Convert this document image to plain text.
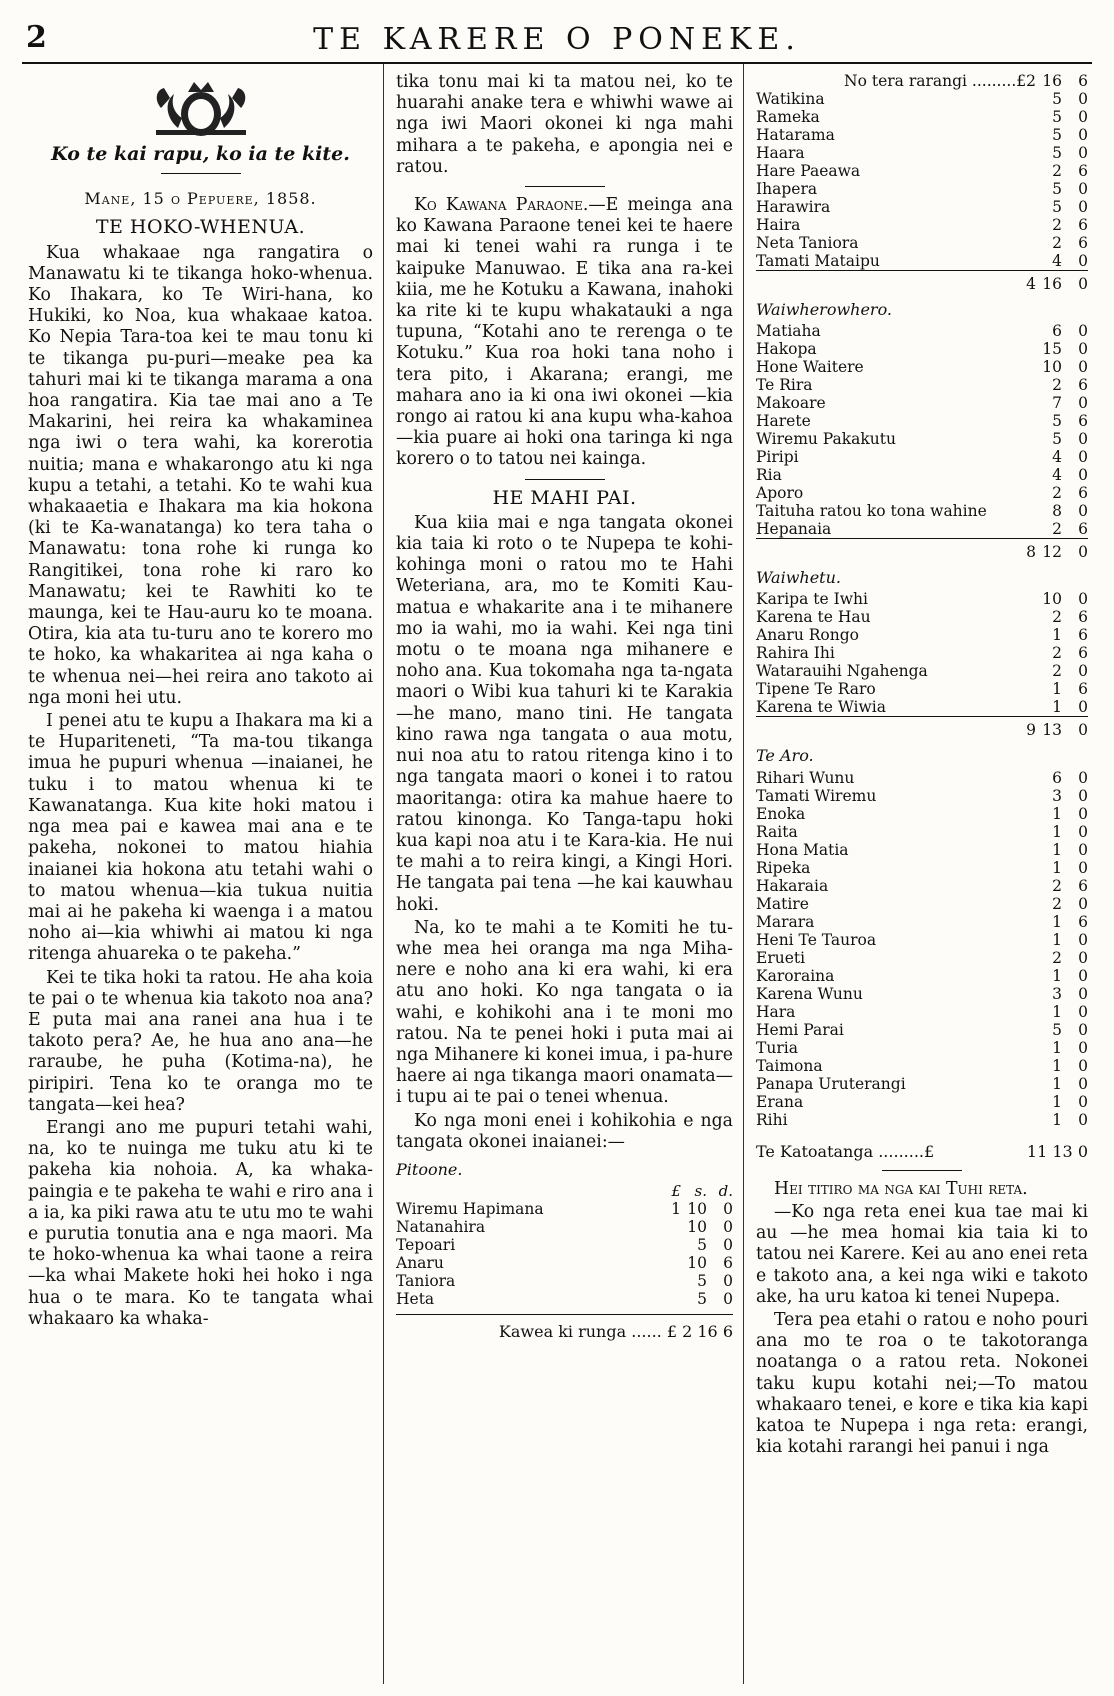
2	TE KARERE O PONEKE.
Ko te kai rapu, ko ia te kite.
Mane, 15 o Pepuere, 1858.
TE HOKO-WHENUA.

Kua whakaae nga rangatira o Manawatu ki te tikanga hoko-whenua. Ko Ihakara, ko Te Wiri-hana, ko Hukiki, ko Noa, kua whakaae katoa. Ko Nepia Tara-toa kei te mau tonu ki te tikanga pu-puri—meake pea ka tahuri mai ki te tikanga marama a ona hoa rangatira. Kia tae mai ano a Te Makarini, hei reira ka whakaminea nga iwi o tera wahi, ka korerotia nuitia; mana e whakarongo atu ki nga kupu a tetahi, a tetahi. Ko te wahi kua whakaaetia e Ihakara ma kia hokona (ki te Ka-wanatanga) ko tera taha o Manawatu: tona rohe ki runga ko Rangitikei, tona rohe ki raro ko Manawatu; kei te Rawhiti ko te maunga, kei te Hau-auru ko te moana. Otira, kia ata tu-turu ano te korero mo te hoko, ka whakaritea ai nga kaha o te whenua nei—hei reira ano takoto ai nga moni hei utu.

I penei atu te kupu a Ihakara ma ki a te Hupariteneti, “Ta ma-tou tikanga imua he pupuri whenua —inaianei, he tuku i to matou whenua ki te Kawanatanga. Kua kite hoki matou i nga mea pai e kawea mai ana e te pakeha, nokonei to matou hiahia inaianei kia hokona atu tetahi wahi o to matou whenua—kia tukua nuitia mai ai he pakeha ki waenga i a matou noho ai—kia whiwhi ai matou ki nga ritenga ahuareka o te pakeha.”

Kei te tika hoki ta ratou. He aha koia te pai o te whenua kia takoto noa ana? E puta mai ana ranei ana hua i te takoto pera? Ae, he hua ano ana—he raraube, he puha (Kotima-na), he piripiri. Tena ko te oranga mo te tangata—kei hea?

Erangi ano me pupuri tetahi wahi, na, ko te nuinga me tuku atu ki te pakeha kia nohoia. A, ka whaka-paingia e te pakeha te wahi e riro ana i a ia, ka piki rawa atu te utu mo te wahi e purutia tonutia ana e nga maori. Ma te hoko-whenua ka whai taone a reira—ka whai Makete hoki hei hoko i nga hua o te mara. Ko te tangata whai whakaaro ka whaka-

tika tonu mai ki ta matou nei, ko te huarahi anake tera e whiwhi wawe ai nga iwi Maori okonei ki nga mahi mihara a te pakeha, e apongia nei e ratou.

Ko Kawana Paraone.—E meinga ana ko Kawana Paraone tenei kei te haere mai ki tenei wahi ra runga i te kaipuke Manuwao. E tika ana ra-kei kiia, me he Kotuku a Kawana, inahoki ka rite ki te kupu whakatauki a nga tupuna, “Kotahi ano te rerenga o te Kotuku.” Kua roa hoki tana noho i tera pito, i Akarana; erangi, me mahara ano ia ki ona iwi okonei —kia rongo ai ratou ki ana kupu wha-kahoa—kia puare ai hoki ona taringa ki nga korero o to tatou nei kainga.

HE MAHI PAI.

Kua kiia mai e nga tangata okonei kia taia ki roto o te Nupepa te kohi-kohinga moni o ratou mo te Hahi Weteriana, ara, mo te Komiti Kau-matua e whakarite ana i te mihanere mo ia wahi, mo ia wahi. Kei nga tini motu o te moana nga mihanere e noho ana. Kua tokomaha nga ta-ngata maori o Wibi kua tahuri ki te Karakia—he mano, mano tini. He tangata kino rawa nga tangata o aua motu, nui noa atu to ratou ritenga kino i to nga tangata maori o konei i to ratou maoritanga: otira ka mahue haere to ratou kinonga. Ko Tanga-tapu hoki kua kapi noa atu i te Kara-kia. He nui te mahi a to reira kingi, a Kingi Hori. He tangata pai tena —he kai kauwhau hoki.

Na, ko te mahi a te Komiti he tu-whe mea hei oranga ma nga Miha-nere e noho ana ki era wahi, ki era atu ano hoki. Ko nga tangata o ia wahi, e kohikohi ana i te moni mo ratou. Na te penei hoki i puta mai ai nga Mihanere ki konei imua, i pa-hure haere ai nga tikanga maori onamata—i tupu ai te pai o tenei whenua.

Ko nga moni enei i kohikohia e nga tangata okonei inaianei:—

Pitoone.
	£	s.	d.
Wiremu Hapimana	1	10	0
Natanahira		10	0
Tepoari		5	0
Anaru		10	6
Taniora		5	0
Heta		5	0
Kawea ki runga ...... £ 2 16 6
No tera rarangi .........£2	16	6
Watikina	5	0
Rameka	5	0
Hatarama	5	0
Haara	5	0
Hare Paeawa	2	6
Ihapera	5	0
Harawira	5	0
Haira	2	6
Neta Taniora	2	6
Tamati Mataipu	4	0
4	16	0
Waiwherowhero.
Matiaha	6	0
Hakopa	15	0
Hone Waitere	10	0
Te Rira	2	6
Makoare	7	0
Harete	5	6
Wiremu Pakakutu	5	0
Piripi	4	0
Ria	4	0
Aporo	2	6
Taituha ratou ko tona wahine	8	0
Hepanaia	2	6
8	12	0
Waiwhetu.
Karipa te Iwhi	10	0
Karena te Hau	2	6
Anaru Rongo	1	6
Rahira Ihi	2	6
Watarauihi Ngahenga	2	0
Tipene Te Raro	1	6
Karena te Wiwia	1	0
9	13	0
Te Aro.
Rihari Wunu	6	0
Tamati Wiremu	3	0
Enoka	1	0
Raita	1	0
Hona Matia	1	0
Ripeka	1	0
Hakaraia	2	6
Matire	2	0
Marara	1	6
Heni Te Tauroa	1	0
Erueti	2	0
Karoraina	1	0
Karena Wunu	3	0
Hara	1	0
Hemi Parai	5	0
Turia	1	0
Taimona	1	0
Panapa Uruterangi	1	0
Erana	1	0
Rihi	1	0
Te Katoatanga .........£	11 13 0

Hei titiro ma nga kai Tuhi reta.

—Ko nga reta enei kua tae mai ki au —he mea homai kia taia ki to tatou nei Karere. Kei au ano enei reta e takoto ana, a kei nga wiki e takoto ake, ha uru katoa ki tenei Nupepa.

Tera pea etahi o ratou e noho pouri ana mo te roa o te takotoranga noatanga o a ratou reta. Nokonei taku kupu kotahi nei;—To matou whakaaro tenei, e kore e tika kia kapi katoa te Nupepa i nga reta: erangi, kia kotahi rarangi hei panui i nga
